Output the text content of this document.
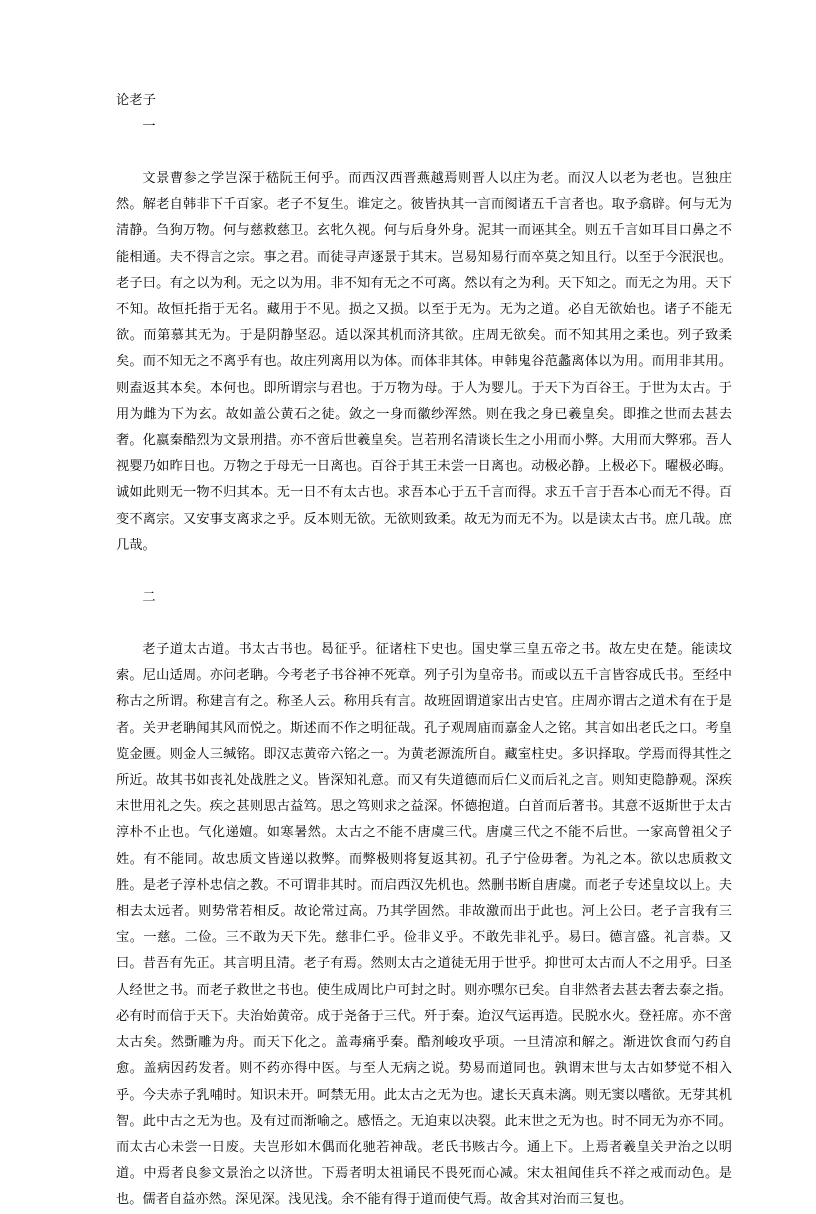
论老子

一

文景曹参之学岂深于嵇阮王何乎。而西汉西晋燕越焉则晋人以庄为老。而汉人以老为老也。岂独庄然。解老自韩非下千百家。老子不复生。谁定之。彼皆执其一言而阂诸五千言者也。取予翕辟。何与无为清静。刍狗万物。何与慈救慈卫。玄牝久视。何与后身外身。泥其一而诬其全。则五千言如耳目口鼻之不能相通。夫不得言之宗。事之君。而徒寻声逐景于其末。岂易知易行而卒莫之知且行。以至于今泯泯也。老子曰。有之以为利。无之以为用。非不知有无之不可离。然以有之为利。天下知之。而无之为用。天下不知。故恒托指于无名。藏用于不见。损之又损。以至于无为。无为之道。必自无欲始也。诸子不能无欲。而第慕其无为。于是阴静坚忍。适以深其机而济其欲。庄周无欲矣。而不知其用之柔也。列子致柔矣。而不知无之不离乎有也。故庄列离用以为体。而体非其体。申韩鬼谷范蠡离体以为用。而用非其用。则盍返其本矣。本何也。即所谓宗与君也。于万物为母。于人为婴儿。于天下为百谷王。于世为太古。于用为雌为下为玄。故如盖公黄石之徒。敛之一身而徽纱浑然。则在我之身已羲皇矣。即推之世而去甚去奢。化嬴秦酷烈为文景刑措。亦不啻后世羲皇矣。岂若刑名清谈长生之小用而小弊。大用而大弊邪。吾人视婴乃如昨日也。万物之于母无一日离也。百谷于其王未尝一日离也。动极必静。上极必下。曜极必晦。诚如此则无一物不归其本。无一日不有太古也。求吾本心于五千言而得。求五千言于吾本心而无不得。百变不离宗。又安事支离求之乎。反本则无欲。无欲则致柔。故无为而无不为。以是读太古书。庶几哉。庶几哉。

二

老子道太古道。书太古书也。曷征乎。征诸柱下史也。国史掌三皇五帝之书。故左史在楚。能读坟索。尼山适周。亦问老聃。今考老子书谷神不死章。列子引为皇帝书。而或以五千言皆容成氏书。至经中称古之所谓。称建言有之。称圣人云。称用兵有言。故班固谓道家出古史官。庄周亦谓古之道术有在于是者。关尹老聃闻其风而悦之。斯述而不作之明征哉。孔子观周庙而嘉金人之铭。其言如出老氏之口。考皇览金匮。则金人三缄铭。即汉志黄帝六铭之一。为黄老源流所自。藏室柱史。多识择取。学焉而得其性之所近。故其书如丧礼处战胜之义。皆深知礼意。而又有失道德而后仁义而后礼之言。则知吏隐静观。深疾末世用礼之失。疾之甚则思古益笃。思之笃则求之益深。怀德抱道。白首而后著书。其意不返斯世于太古淳朴不止也。气化递嬗。如寒暑然。太古之不能不唐虞三代。唐虞三代之不能不后世。一家高曾祖父子姓。有不能同。故忠质文皆递以救弊。而弊极则将复返其初。孔子宁俭毋奢。为礼之本。欲以忠质救文胜。是老子淳朴忠信之教。不可谓非其时。而启西汉先机也。然删书断自唐虞。而老子专述皇坟以上。夫相去太远者。则势常若相反。故论常过高。乃其学固然。非故激而出于此也。河上公曰。老子言我有三宝。一慈。二俭。三不敢为天下先。慈非仁乎。俭非义乎。不敢先非礼乎。易曰。德言盛。礼言恭。又曰。昔吾有先正。其言明且清。老子有焉。然则太古之道徒无用于世乎。抑世可太古而人不之用乎。曰圣人经世之书。而老子救世之书也。使生成周比户可封之时。则亦嘿尔已矣。自非然者去甚去奢去泰之指。必有时而信于天下。夫治始黄帝。成于尧备于三代。歼于秦。迨汉气运再造。民脱水火。登衽席。亦不啻太古矣。然斲雕为舟。而天下化之。盖毒痛乎秦。酷剂峻攻乎项。一旦清凉和解之。渐进饮食而勺药自愈。盖病因药发者。则不药亦得中医。与至人无病之说。势易而道同也。孰谓末世与太古如梦觉不相入乎。今夫赤子乳哺时。知识未开。呵禁无用。此太古之无为也。逮长天真未漓。则无窦以嗜欲。无芽其机智。此中古之无为也。及有过而渐喻之。感悟之。无迫束以决裂。此末世之无为也。时不同无为亦不同。而太古心未尝一日废。夫岂形如木偶而化驰若神哉。老氏书赅古今。通上下。上焉者羲皇关尹治之以明道。中焉者良参文景治之以济世。下焉者明太祖诵民不畏死而心减。宋太祖闻佳兵不祥之戒而动色。是也。儒者自益亦然。深见深。浅见浅。余不能有得于道而使气焉。故舍其对治而三复也。
